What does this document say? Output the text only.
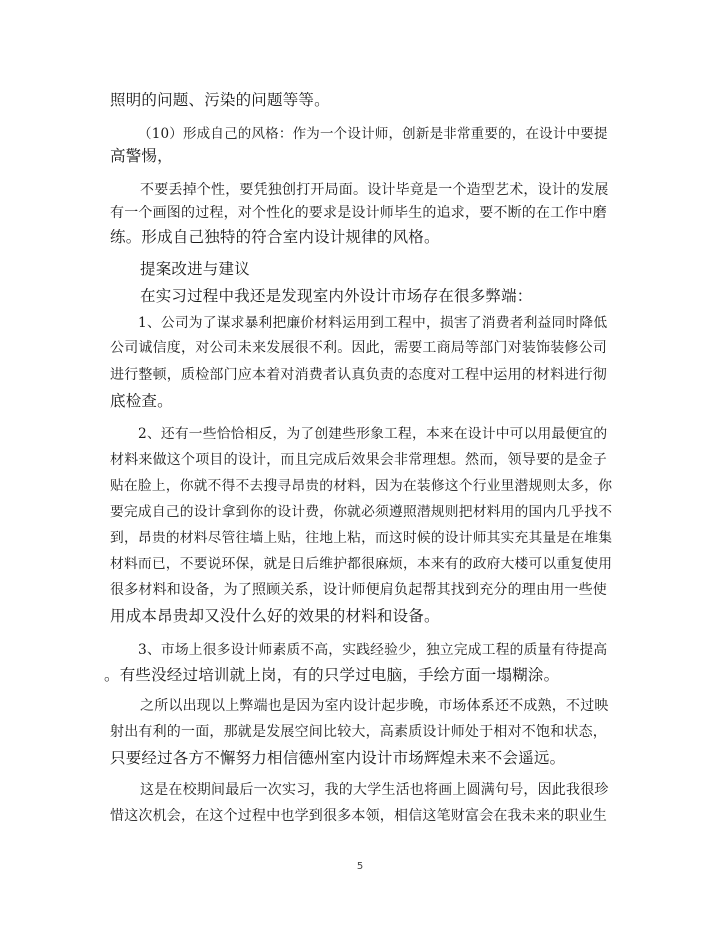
照明的问题、污染的问题等等。
（10）形成自己的风格：作为一个设计师，创新是非常重要的，在设计中要提
高警惕，
不要丢掉个性，要凭独创打开局面。设计毕竟是一个造型艺术，设计的发展
有一个画图的过程，对个性化的要求是设计师毕生的追求，要不断的在工作中磨
练。形成自己独特的符合室内设计规律的风格。
提案改进与建议
在实习过程中我还是发现室内外设计市场存在很多弊端：
1、公司为了谋求暴利把廉价材料运用到工程中，损害了消费者利益同时降低
公司诚信度，对公司未来发展很不利。因此，需要工商局等部门对装饰装修公司
进行整顿，质检部门应本着对消费者认真负责的态度对工程中运用的材料进行彻
底检查。
2、还有一些恰恰相反，为了创建些形象工程，本来在设计中可以用最便宜的
材料来做这个项目的设计，而且完成后效果会非常理想。然而，领导要的是金子
贴在脸上，你就不得不去搜寻昂贵的材料，因为在装修这个行业里潜规则太多，你
要完成自己的设计拿到你的设计费，你就必须遵照潜规则把材料用的国内几乎找不
到，昂贵的材料尽管往墙上贴，往地上粘，而这时候的设计师其实充其量是在堆集
材料而已，不要说环保，就是日后维护都很麻烦，本来有的政府大楼可以重复使用
很多材料和设备，为了照顾关系，设计师便肩负起帮其找到充分的理由用一些使
用成本昂贵却又没什么好的效果的材料和设备。
3、市场上很多设计师素质不高，实践经验少，独立完成工程的质量有待提高
。有些没经过培训就上岗，有的只学过电脑，手绘方面一塌糊涂。
之所以出现以上弊端也是因为室内设计起步晚，市场体系还不成熟，不过映
射出有利的一面，那就是发展空间比较大，高素质设计师处于相对不饱和状态，
只要经过各方不懈努力相信德州室内设计市场辉煌未来不会遥远。
这是在校期间最后一次实习，我的大学生活也将画上圆满句号，因此我很珍
惜这次机会，在这个过程中也学到很多本领，相信这笔财富会在我未来的职业生
5
